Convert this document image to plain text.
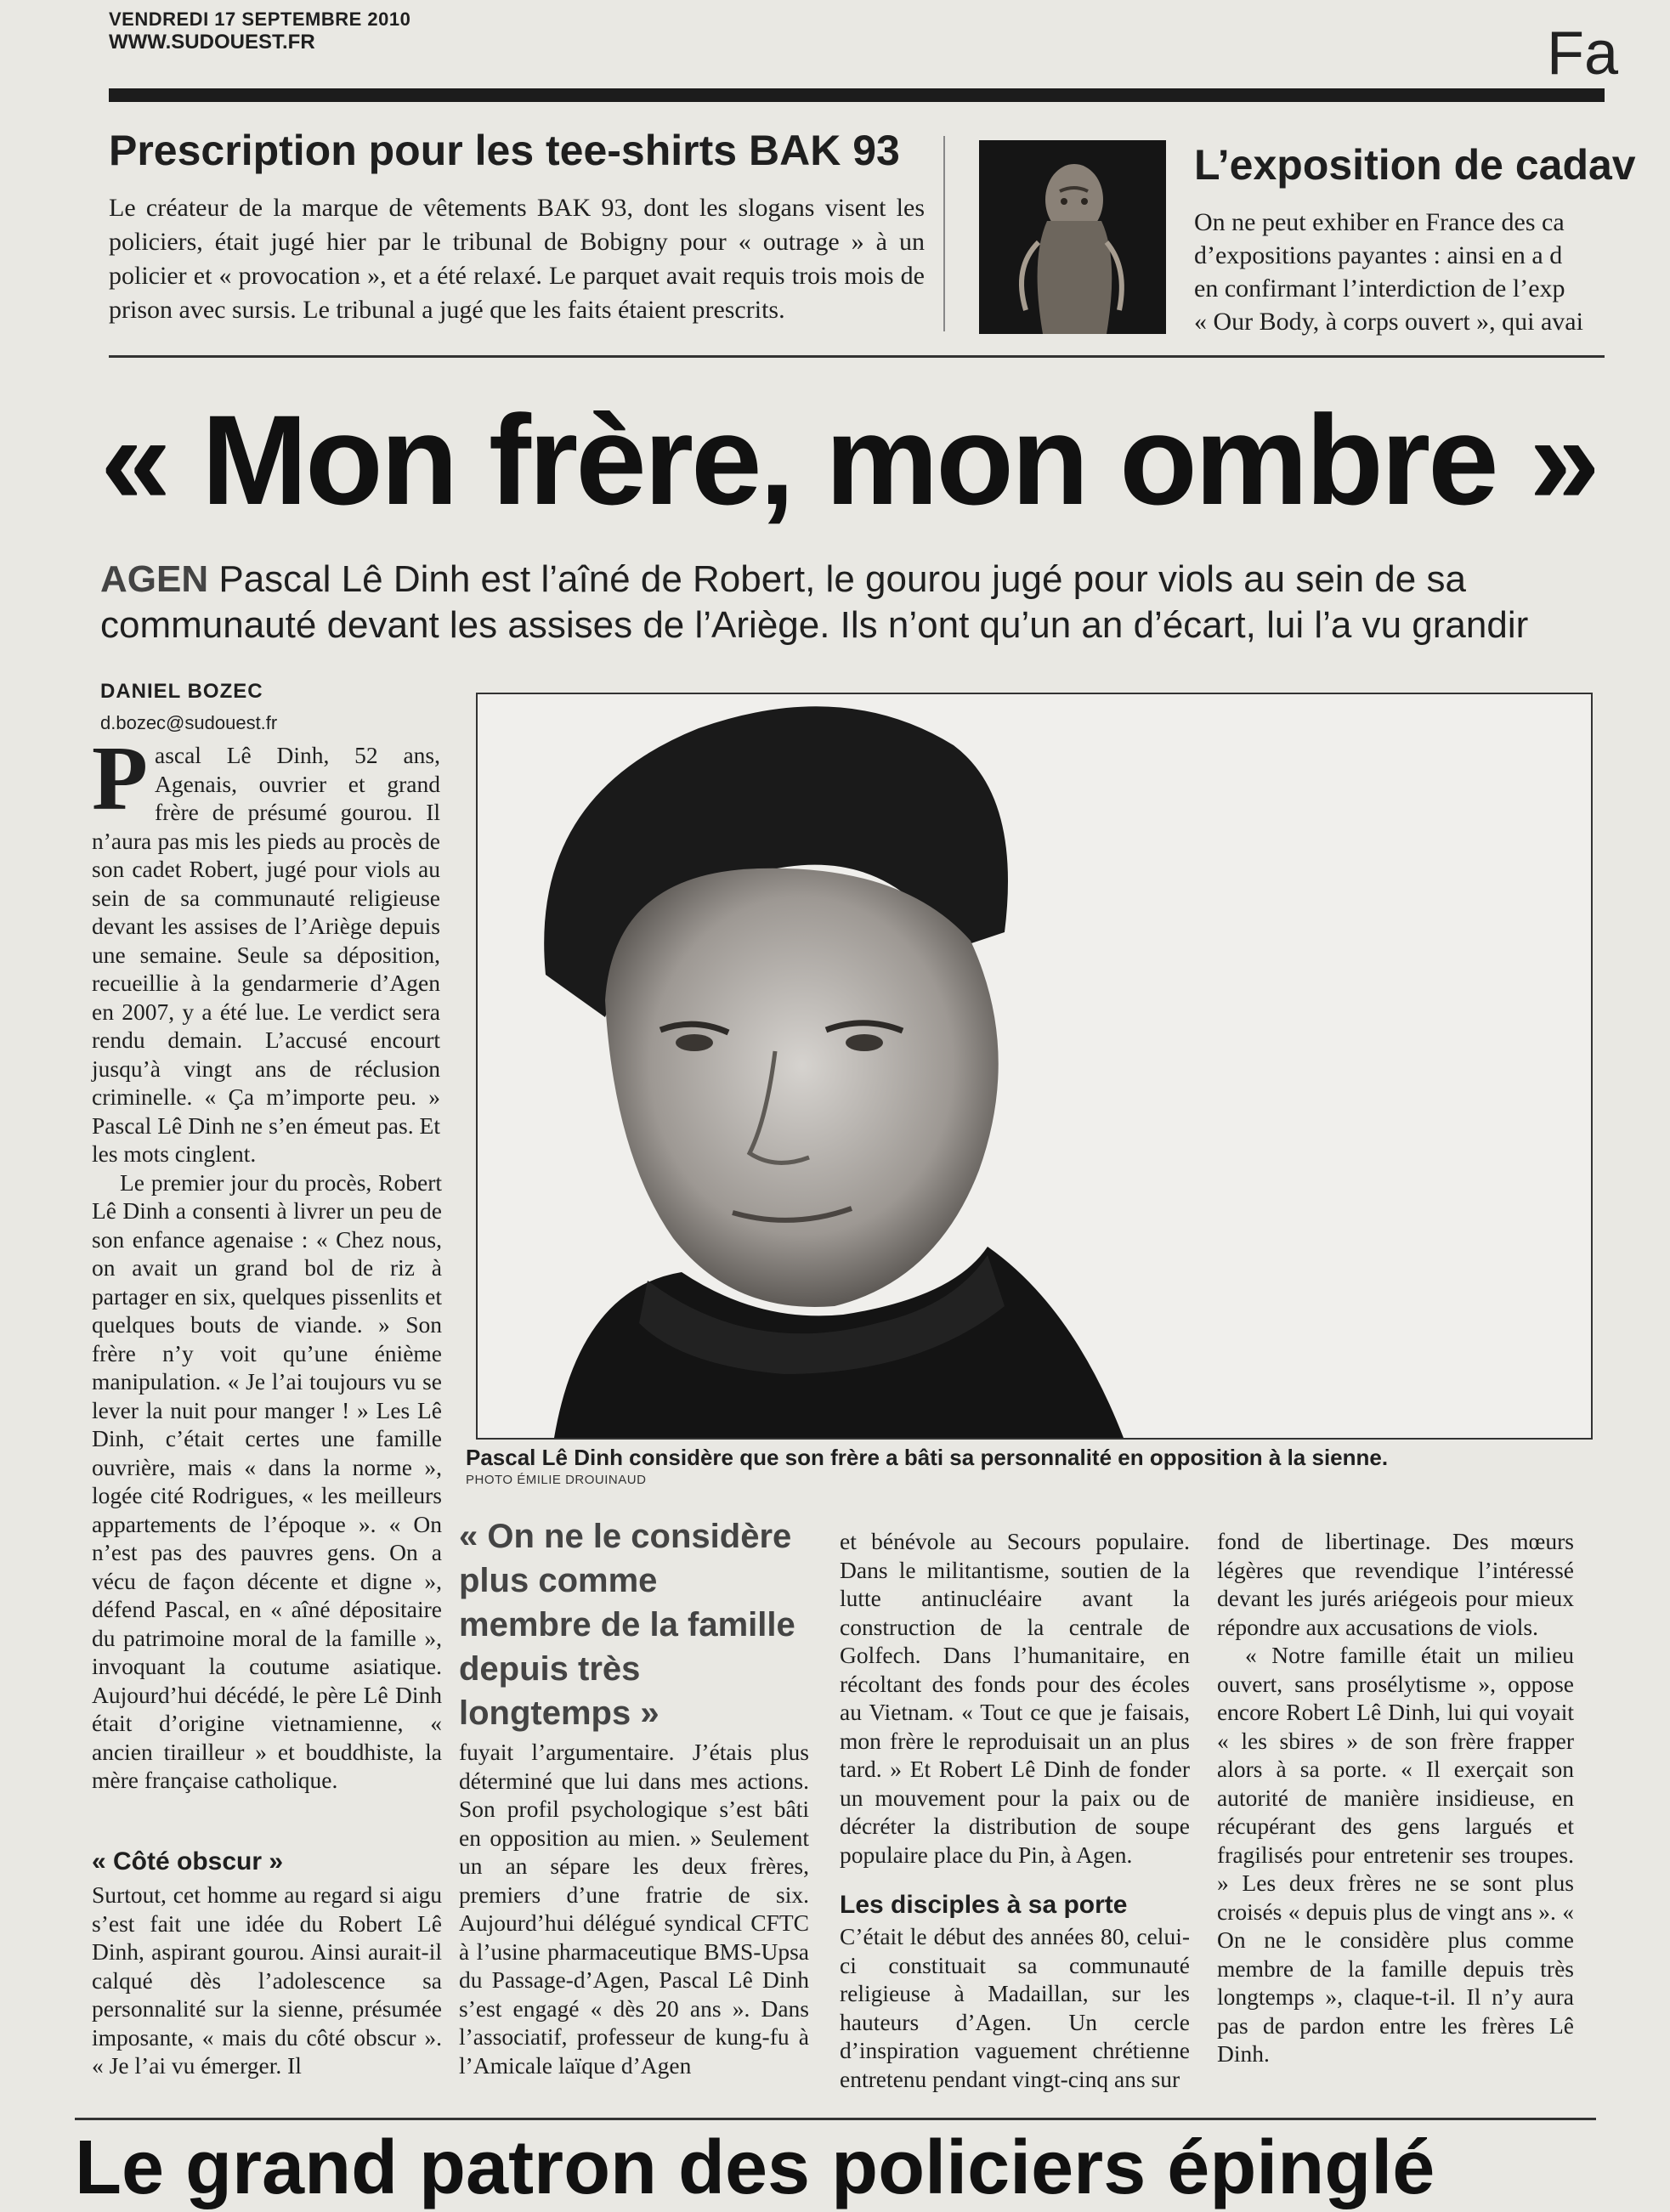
VENDREDI 17 SEPTEMBRE 2010
WWW.SUDOUEST.FR	Fa
Prescription pour les tee-shirts BAK 93
Le créateur de la marque de vêtements BAK 93, dont les slogans visent les policiers, était jugé hier par le tribunal de Bobigny pour « outrage » à un policier et « provocation », et a été relaxé. Le parquet avait requis trois mois de prison avec sursis. Le tribunal a jugé que les faits étaient prescrits.
L’exposition de cadav
On ne peut exhiber en France des ca
d’expositions payantes : ainsi en a d
en confirmant l’interdiction de l’exp
« Our Body, à corps ouvert », qui avai
« Mon frère, mon ombre »
AGEN Pascal Lê Dinh est l’aîné de Robert, le gourou jugé pour viols au sein de sa communauté devant les assises de l’Ariège. Ils n’ont qu’un an d’écart, lui l’a vu grandir
DANIEL BOZEC
d.bozec@sudouest.fr
Pascal Lê Dinh considère que son frère a bâti sa personnalité en opposition à la sienne.
PHOTO ÉMILIE DROUINAUD

Pascal Lê Dinh, 52 ans, Agenais, ouvrier et grand frère de présumé gourou. Il n’aura pas mis les pieds au procès de son cadet Robert, jugé pour viols au sein de sa communauté religieuse devant les assises de l’Ariège depuis une semaine. Seule sa déposition, recueillie à la gendarmerie d’Agen en 2007, y a été lue. Le verdict sera rendu demain. L’accusé encourt jusqu’à vingt ans de réclusion criminelle. « Ça m’importe peu. » Pascal Lê Dinh ne s’en émeut pas. Et les mots cinglent.

Le premier jour du procès, Robert Lê Dinh a consenti à livrer un peu de son enfance agenaise : « Chez nous, on avait un grand bol de riz à partager en six, quelques pissenlits et quelques bouts de viande. » Son frère n’y voit qu’une énième manipulation. « Je l’ai toujours vu se lever la nuit pour manger ! » Les Lê Dinh, c’était certes une famille ouvrière, mais « dans la norme », logée cité Rodrigues, « les meilleurs appartements de l’époque ». « On n’est pas des pauvres gens. On a vécu de façon décente et digne », défend Pascal, en « aîné dépositaire du patrimoine moral de la famille », invoquant la coutume asiatique. Aujourd’hui décédé, le père Lê Dinh était d’origine vietnamienne, « ancien tirailleur » et bouddhiste, la mère française catholique.

« Côté obscur »

Surtout, cet homme au regard si aigu s’est fait une idée du Robert Lê Dinh, aspirant gourou. Ainsi aurait-il calqué dès l’adolescence sa personnalité sur la sienne, présumée imposante, « mais du côté obscur ». « Je l’ai vu émerger. Il

« On ne le considère plus comme membre de la famille depuis très longtemps »

fuyait l’argumentaire. J’étais plus déterminé que lui dans mes actions. Son profil psychologique s’est bâti en opposition au mien. » Seulement un an sépare les deux frères, premiers d’une fratrie de six. Aujourd’hui délégué syndical CFTC à l’usine pharmaceutique BMS-Upsa du Passage-d’Agen, Pascal Lê Dinh s’est engagé « dès 20 ans ». Dans l’associatif, professeur de kung-fu à l’Amicale laïque d’Agen

et bénévole au Secours populaire. Dans le militantisme, soutien de la lutte antinucléaire avant la construction de la centrale de Golfech. Dans l’humanitaire, en récoltant des fonds pour des écoles au Vietnam. « Tout ce que je faisais, mon frère le reproduisait un an plus tard. » Et Robert Lê Dinh de fonder un mouvement pour la paix ou de décréter la distribution de soupe populaire place du Pin, à Agen.

Les disciples à sa porte

C’était le début des années 80, celui-ci constituait sa communauté religieuse à Madaillan, sur les hauteurs d’Agen. Un cercle d’inspiration vaguement chrétienne entretenu pendant vingt-cinq ans sur

fond de libertinage. Des mœurs légères que revendique l’intéressé devant les jurés ariégeois pour mieux répondre aux accusations de viols.

« Notre famille était un milieu ouvert, sans prosélytisme », oppose encore Robert Lê Dinh, lui qui voyait « les sbires » de son frère frapper alors à sa porte. « Il exerçait son autorité de manière insidieuse, en récupérant des gens largués et fragilisés pour entretenir ses troupes. » Les deux frères ne se sont plus croisés « depuis plus de vingt ans ». « On ne le considère plus comme membre de la famille depuis très longtemps », claque-t-il. Il n’y aura pas de pardon entre les frères Lê Dinh.

Le grand patron des policiers épinglé
